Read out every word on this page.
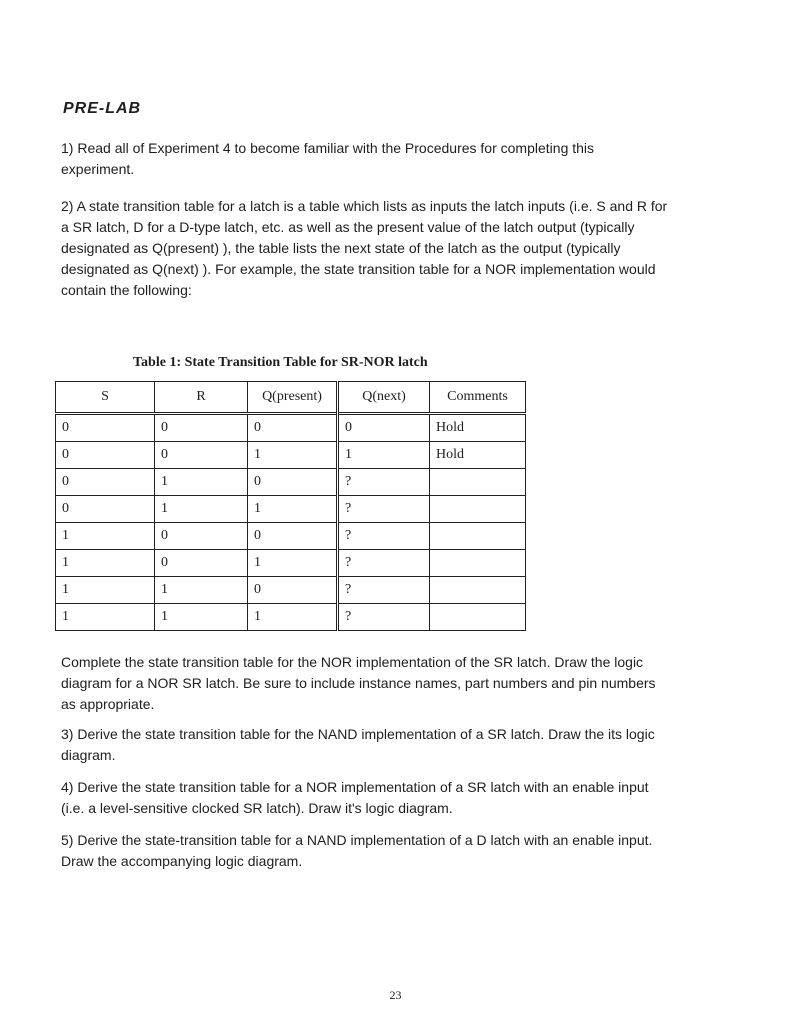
PRE-LAB

1) Read all of Experiment 4 to become familiar with the Procedures for completing this experiment.

2) A state transition table for a latch is a table which lists as inputs the latch inputs (i.e. S and R for a SR latch, D for a D-type latch, etc. as well as the present value of the latch output (typically designated as Q(present) ), the table lists the next state of the latch as the output (typically designated as Q(next) ). For example, the state transition table for a NOR implementation would contain the following:

Table 1: State Transition Table for SR-NOR latch
S	R	Q(present)	Q(next)	Comments
0	0	0	0	Hold
0	0	1	1	Hold
0	1	0	?	
0	1	1	?	
1	0	0	?	
1	0	1	?	
1	1	0	?	
1	1	1	?	

Complete the state transition table for the NOR implementation of the SR latch. Draw the logic diagram for a NOR SR latch. Be sure to include instance names, part numbers and pin numbers as appropriate.

3) Derive the state transition table for the NAND implementation of a SR latch. Draw the its logic diagram.

4) Derive the state transition table for a NOR implementation of a SR latch with an enable input (i.e. a level-sensitive clocked SR latch). Draw it's logic diagram.

5) Derive the state-transition table for a NAND implementation of a D latch with an enable input. Draw the accompanying logic diagram.

23
